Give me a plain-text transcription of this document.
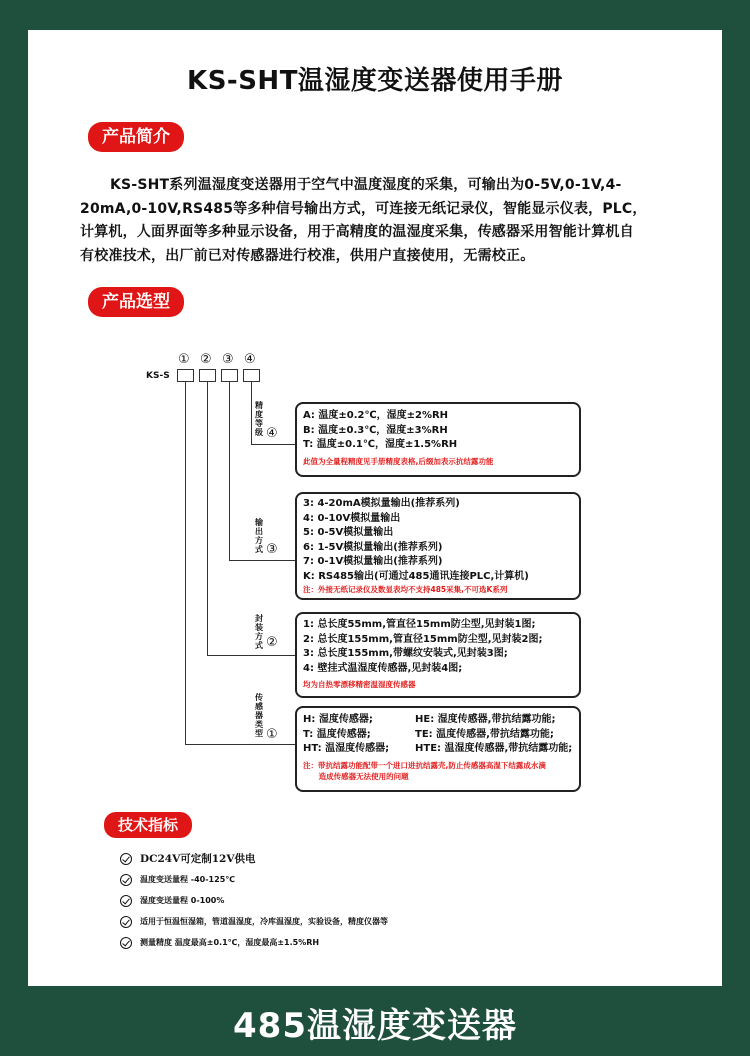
KS-SHT温湿度变送器使用手册
产品简介
KS-SHT系列温湿度变送器用于空气中温度湿度的采集，可输出为0-5V,0-1V,4-
20mA,0-10V,RS485等多种信号输出方式，可连接无纸记录仪，智能显示仪表，PLC，
计算机，人面界面等多种显示设备，用于高精度的温湿度采集，传感器采用智能计算机自
有校准技术，出厂前已对传感器进行校准，供用户直接使用，无需校正。
产品选型
① ② ③ ④
KS-S
精
度
等
级 ④
输
出
方
式 ③
封
装
方
式 ②
传
感
器
类
型 ①
A: 温度±0.2℃，湿度±2%RH
B: 温度±0.3℃，湿度±3%RH
T: 温度±0.1℃，湿度±1.5%RH
此值为全量程精度见手册精度表格,后缀加表示抗结露功能
3: 4-20mA模拟量输出(推荐系列)
4: 0-10V模拟量输出
5: 0-5V模拟量输出
6: 1-5V模拟量输出(推荐系列)
7: 0-1V模拟量输出(推荐系列)
K: RS485输出(可通过485通讯连接PLC,计算机)
注：外接无纸记录仪及数显表均不支持485采集,不可选K系列
1: 总长度55mm,管直径15mm防尘型,见封装1图;
2: 总长度155mm,管直径15mm防尘型,见封装2图;
3: 总长度155mm,带螺纹安装式,见封装3图;
4: 壁挂式温湿度传感器,见封装4图;
均为自热零漂移精密温湿度传感器
H: 湿度传感器;	HE: 湿度传感器,带抗结露功能;
T: 温度传感器;	TE: 温度传感器,带抗结露功能;
HT: 温湿度传感器;	HTE: 温湿度传感器,带抗结露功能;
注：带抗结露功能配带一个进口进抗结露壳,防止传感器高湿下结露成水滴
造成传感器无法使用的问题
技术指标
DC24V可定制12V供电
温度变送量程 -40-125℃
湿度变送量程 0-100%
适用于恒温恒湿箱，管道温湿度，冷库温湿度，实验设备，精度仪器等
测量精度 温度最高±0.1℃，湿度最高±1.5%RH
485温湿度变送器
